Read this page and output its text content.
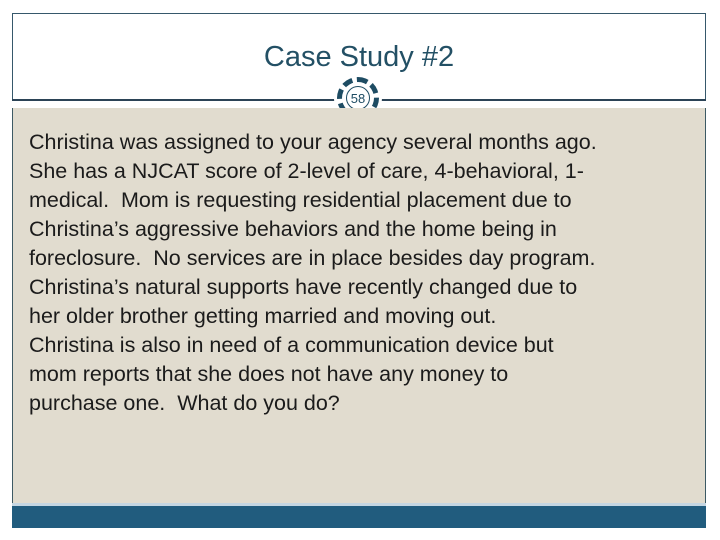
Case Study #2
58
Christina was assigned to your agency several months ago.
She has a NJCAT score of 2-level of care, 4-behavioral, 1-
medical.  Mom is requesting residential placement due to
Christina’s aggressive behaviors and the home being in
foreclosure.  No services are in place besides day program.
Christina’s natural supports have recently changed due to
her older brother getting married and moving out.
Christina is also in need of a communication device but
mom reports that she does not have any money to
purchase one.  What do you do?
